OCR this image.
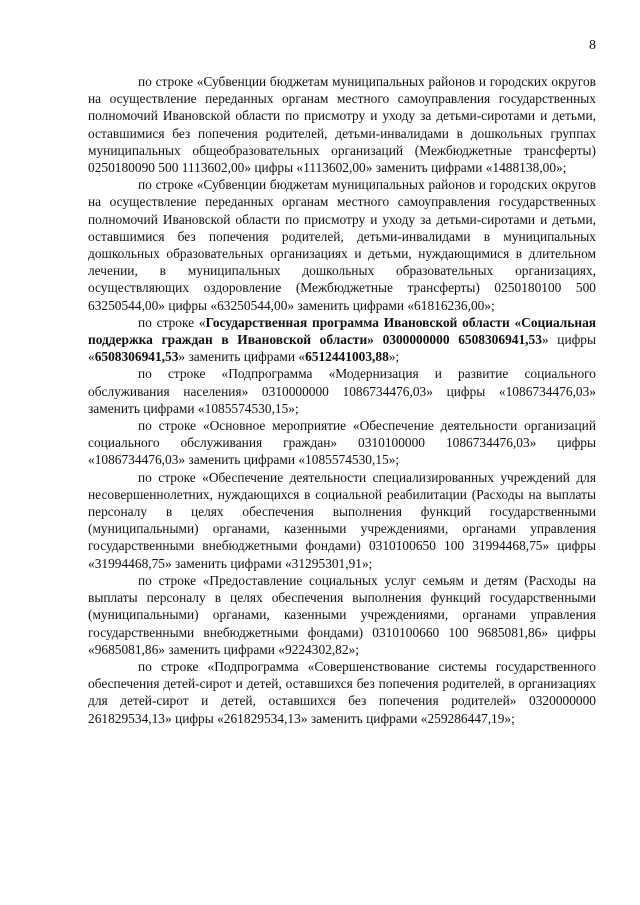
8

по строке «Субвенции бюджетам муниципальных районов и городских округов на осуществление переданных органам местного самоуправления государственных полномочий Ивановской области по присмотру и уходу за детьми-сиротами и детьми, оставшимися без попечения родителей, детьми-инвалидами в дошкольных группах муниципальных общеобразовательных организаций (Межбюджетные трансферты) 0250180090 500 1113602,00» цифры «1113602,00» заменить цифрами «1488138,00»;

по строке «Субвенции бюджетам муниципальных районов и городских округов на осуществление переданных органам местного самоуправления государственных полномочий Ивановской области по присмотру и уходу за детьми-сиротами и детьми, оставшимися без попечения родителей, детьми-инвалидами в муниципальных дошкольных образовательных организациях и детьми, нуждающимися в длительном лечении, в муниципальных дошкольных образовательных организациях, осуществляющих оздоровление (Межбюджетные трансферты) 0250180100 500 63250544,00» цифры «63250544,00» заменить цифрами «61816236,00»;

по строке «Государственная программа Ивановской области «Социальная поддержка граждан в Ивановской области» 0300000000 6508306941,53» цифры «6508306941,53» заменить цифрами «6512441003,88»;

по строке «Подпрограмма «Модернизация и развитие социального обслуживания населения» 0310000000 1086734476,03» цифры «1086734476,03» заменить цифрами «1085574530,15»;

по строке «Основное мероприятие «Обеспечение деятельности организаций социального обслуживания граждан» 0310100000 1086734476,03» цифры «1086734476,03» заменить цифрами «1085574530,15»;

по строке «Обеспечение деятельности специализированных учреждений для несовершеннолетних, нуждающихся в социальной реабилитации (Расходы на выплаты персоналу в целях обеспечения выполнения функций государственными (муниципальными) органами, казенными учреждениями, органами управления государственными внебюджетными фондами) 0310100650 100 31994468,75» цифры «31994468,75» заменить цифрами «31295301,91»;

по строке «Предоставление социальных услуг семьям и детям (Расходы на выплаты персоналу в целях обеспечения выполнения функций государственными (муниципальными) органами, казенными учреждениями, органами управления государственными внебюджетными фондами) 0310100660 100 9685081,86» цифры «9685081,86» заменить цифрами «9224302,82»;

по строке «Подпрограмма «Совершенствование системы государственного обеспечения детей-сирот и детей, оставшихся без попечения родителей, в организациях для детей-сирот и детей, оставшихся без попечения родителей» 0320000000 261829534,13» цифры «261829534,13» заменить цифрами «259286447,19»;
